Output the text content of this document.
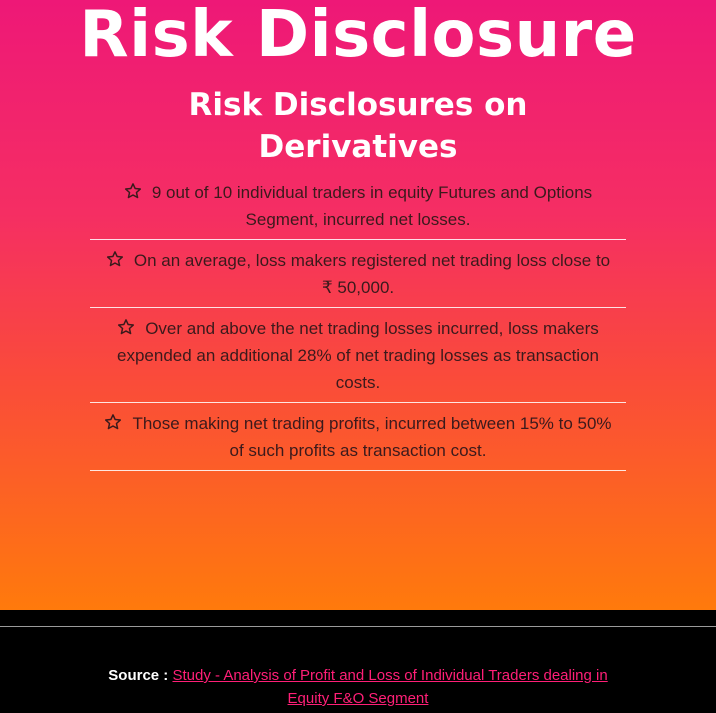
Risk Disclosure
Risk Disclosures on Derivatives
9 out of 10 individual traders in equity Futures and Options Segment, incurred net losses.
On an average, loss makers registered net trading loss close to ₹ 50,000.
Over and above the net trading losses incurred, loss makers expended an additional 28% of net trading losses as transaction costs.
Those making net trading profits, incurred between 15% to 50% of such profits as transaction cost.
Source : Study - Analysis of Profit and Loss of Individual Traders dealing in Equity F&O Segment
